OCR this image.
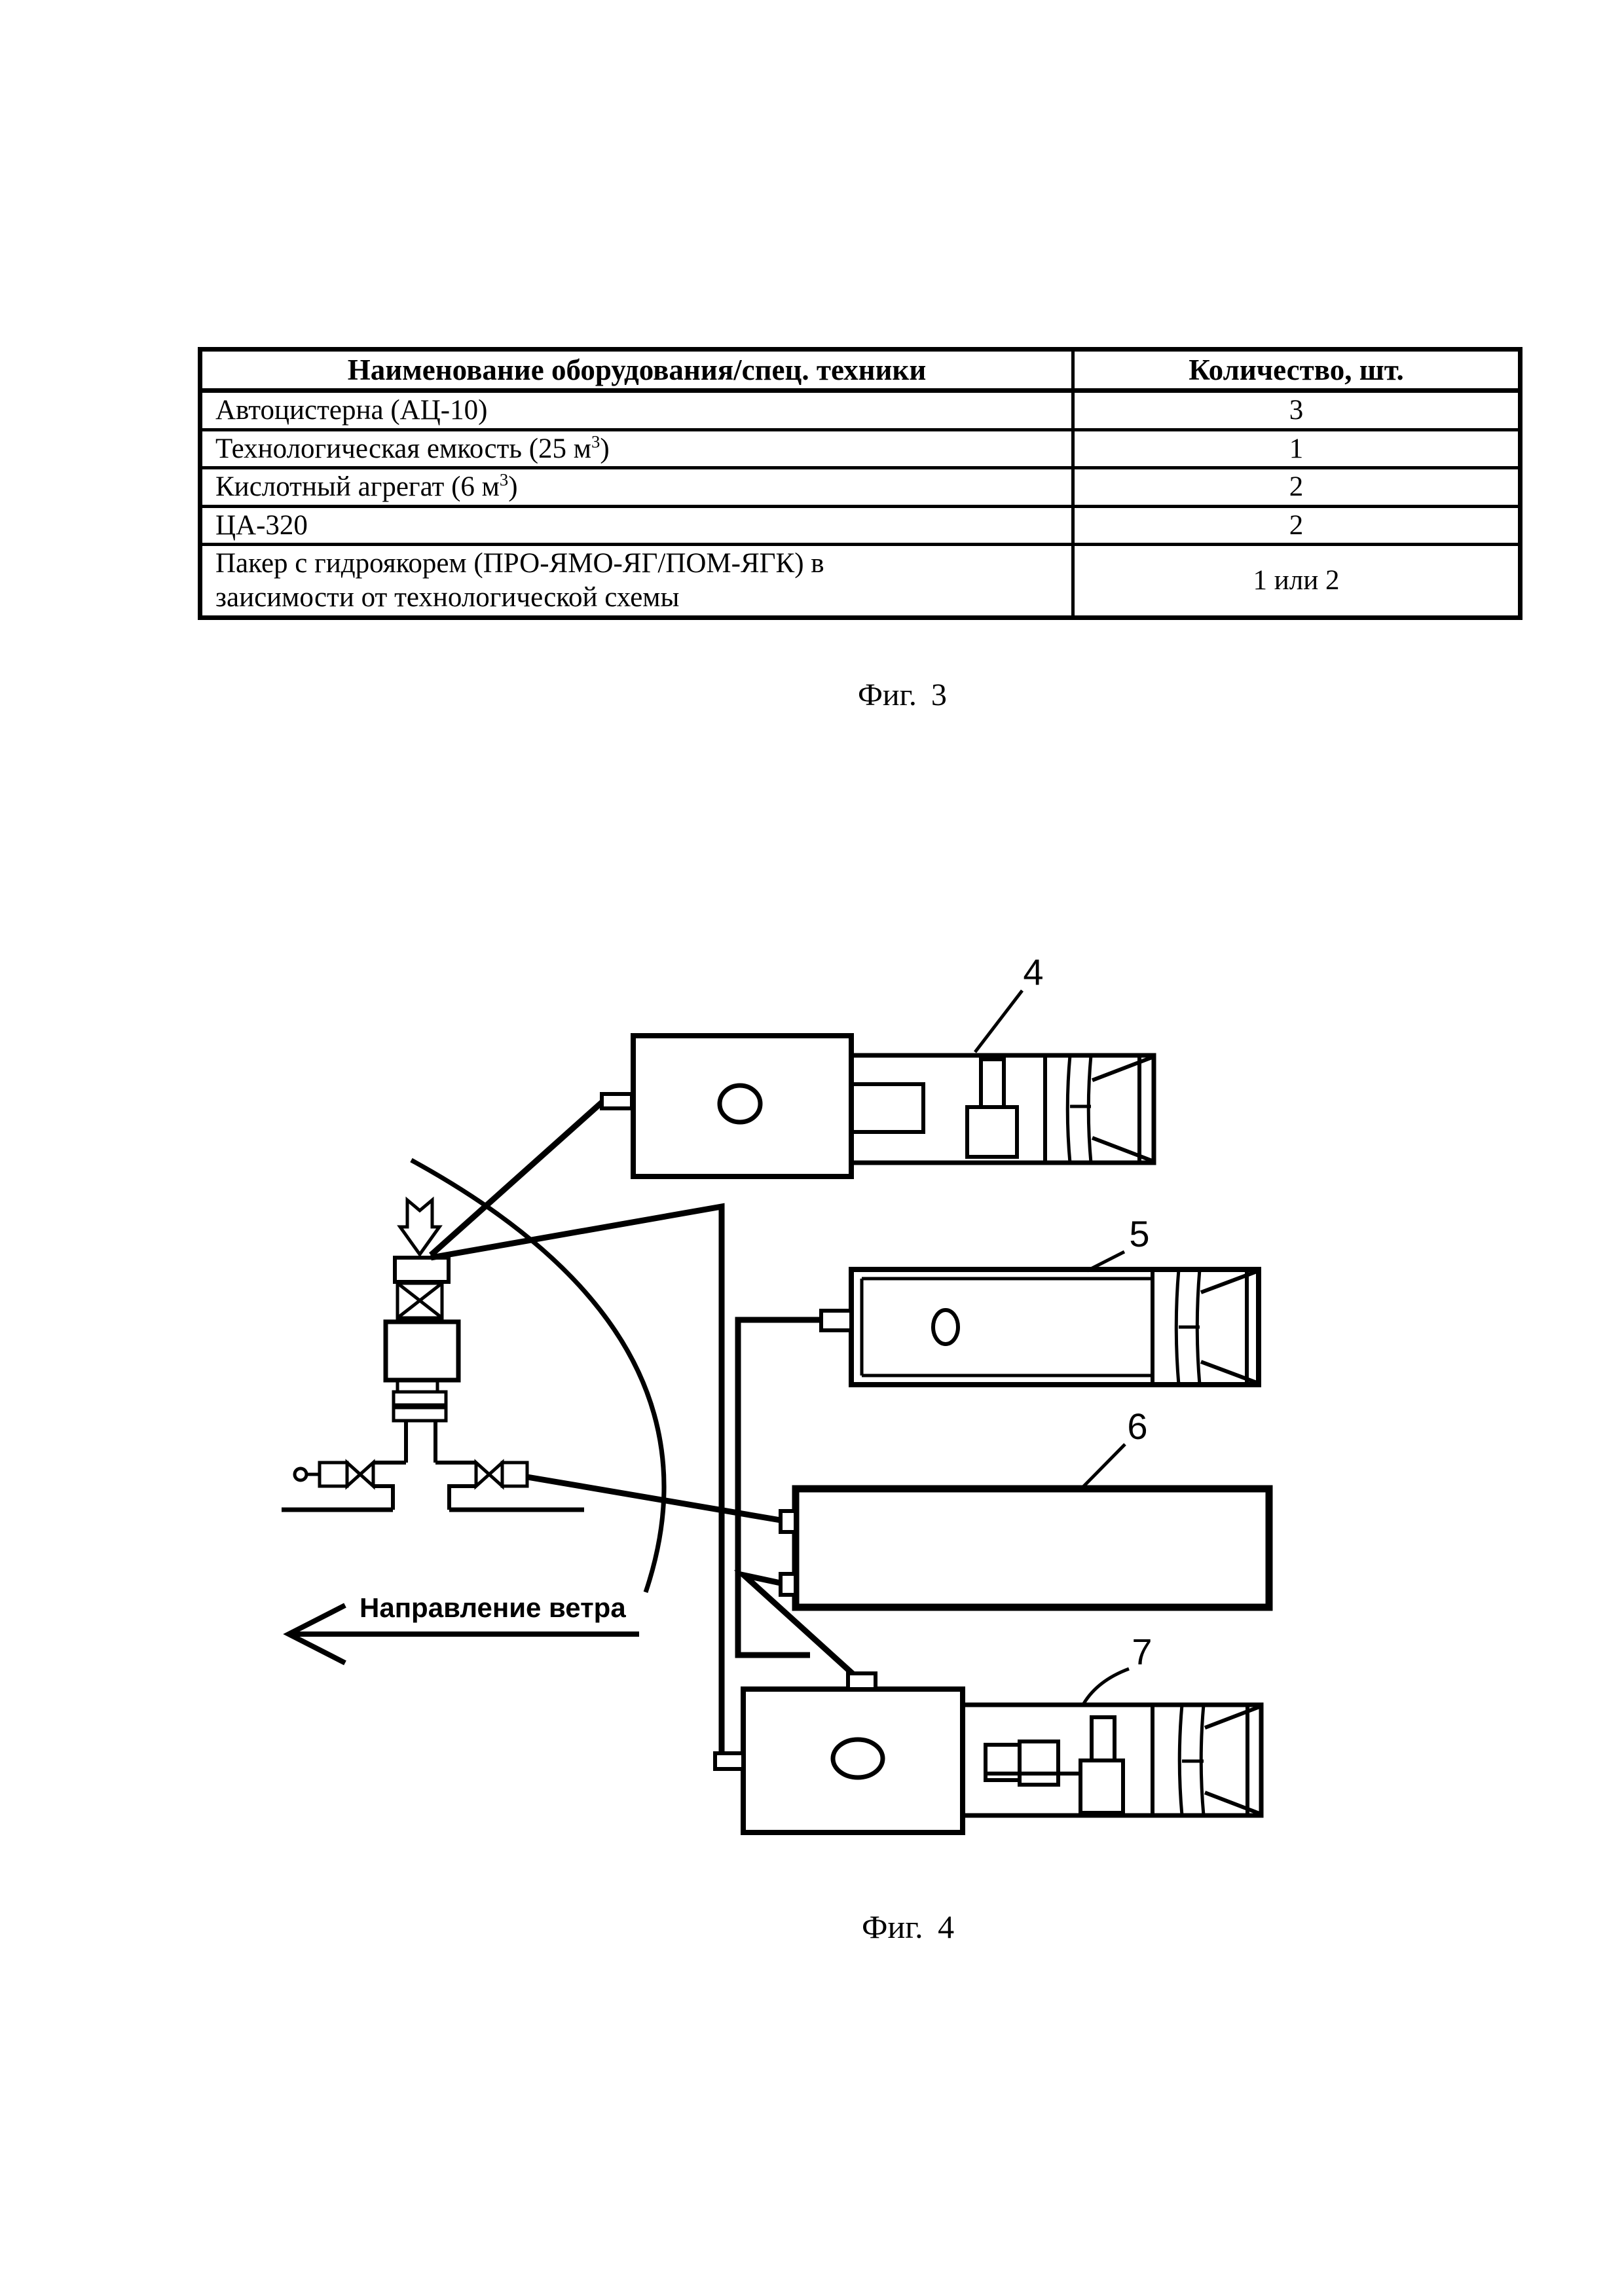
Наименование оборудования/спец. техники	Количество, шт.
Автоцистерна (АЦ-10)	3
Технологическая емкость (25 $м^3$)	1
Кислотный агрегат (6 $м^3$)	2
ЦА-320	2
Пакер с гидроякорем (ПРО-ЯМО-ЯГ/ПОМ-ЯГК) в
заисимости от технологической схемы	1 или 2
Фиг. 3
4
5
6
7
Направление ветра
Фиг. 4
